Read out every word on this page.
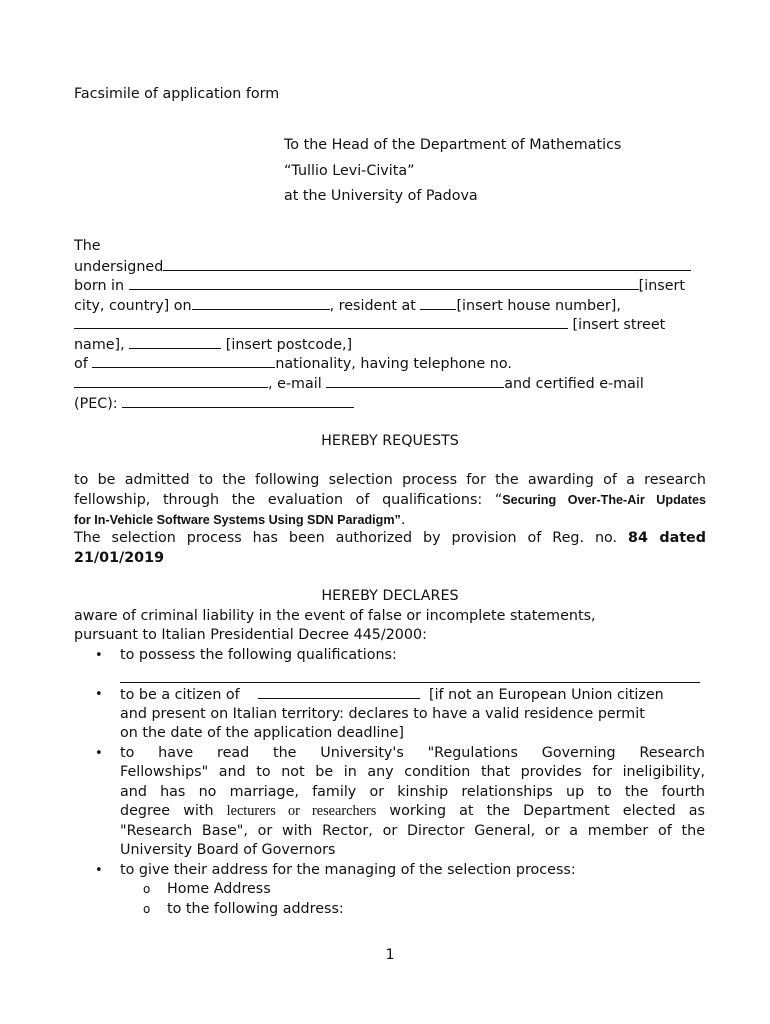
Facsimile of application form
To the Head of the Department of Mathematics
“Tullio Levi-Civita”
at the University of Padova
The
undersigned
born in	[insert
city, country] on	, resident at	[insert house number],
[insert street
name],	[insert postcode,]
of	nationality, having telephone no.
, e-mail	and certified e-mail
(PEC):
HEREBY REQUESTS
to be admitted to the following selection process for the awarding of a research
fellowship, through the evaluation of qualifications: “Securing Over-The-Air Updates
for In-Vehicle Software Systems Using SDN Paradigm”.
The selection process has been authorized by provision of Reg. no. 84 dated
21/01/2019
HEREBY DECLARES
aware of criminal liability in the event of false or incomplete statements,
pursuant to Italian Presidential Decree 445/2000:
• to possess the following qualifications:
• to be a citizen of	[if not an European Union citizen
and present on Italian territory: declares to have a valid residence permit
on the date of the application deadline]
• to have read the University's "Regulations Governing Research
Fellowships" and to not be in any condition that provides for ineligibility,
and has no marriage, family or kinship relationships up to the fourth
degree with lecturers or researchers working at the Department elected as
"Research Base", or with Rector, or Director General, or a member of the
University Board of Governors
• to give their address for the managing of the selection process:
o Home Address
o to the following address:
1
